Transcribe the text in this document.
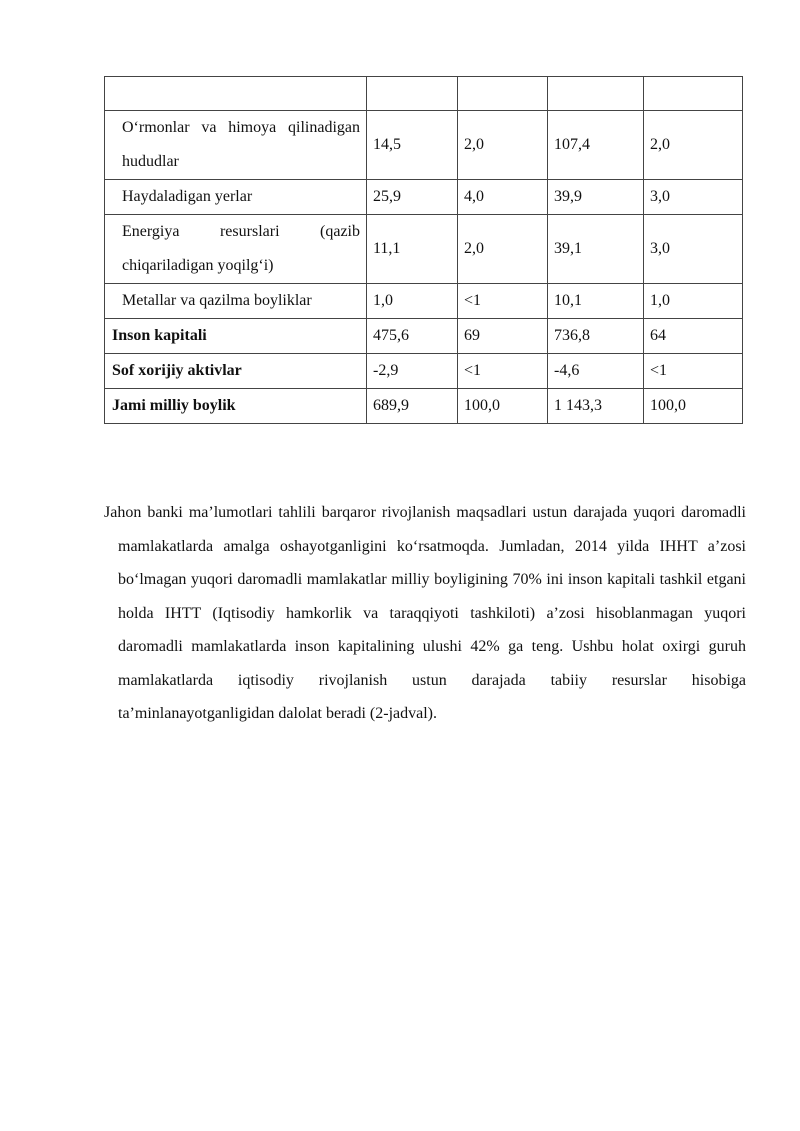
O‘rmonlar va himoya qilinadigan hududlar	14,5	2,0	107,4	2,0
Haydaladigan yerlar	25,9	4,0	39,9	3,0
Energiya resurslari (qazib chiqariladigan yoqilg‘i)	11,1	2,0	39,1	3,0
Metallar va qazilma boyliklar	1,0	<1	10,1	1,0
Inson kapitali	475,6	69	736,8	64
Sof xorijiy aktivlar	-2,9	<1	-4,6	<1
Jami milliy boylik	689,9	100,0	1 143,3	100,0

Jahon banki ma’lumotlari tahlili barqaror rivojlanish maqsadlari ustun darajada yuqori daromadli mamlakatlarda amalga oshayotganligini ko‘rsatmoqda. Jumladan, 2014 yilda IHHT a’zosi bo‘lmagan yuqori daromadli mamlakatlar milliy boyligining 70% ini inson kapitali tashkil etgani holda IHTT (Iqtisodiy hamkorlik va taraqqiyoti tashkiloti) a’zosi hisoblanmagan yuqori daromadli mamlakatlarda inson kapitalining ulushi 42% ga teng. Ushbu holat oxirgi guruh mamlakatlarda iqtisodiy rivojlanish ustun darajada tabiiy resurslar hisobiga ta’minlanayotganligidan dalolat beradi (2-jadval).
